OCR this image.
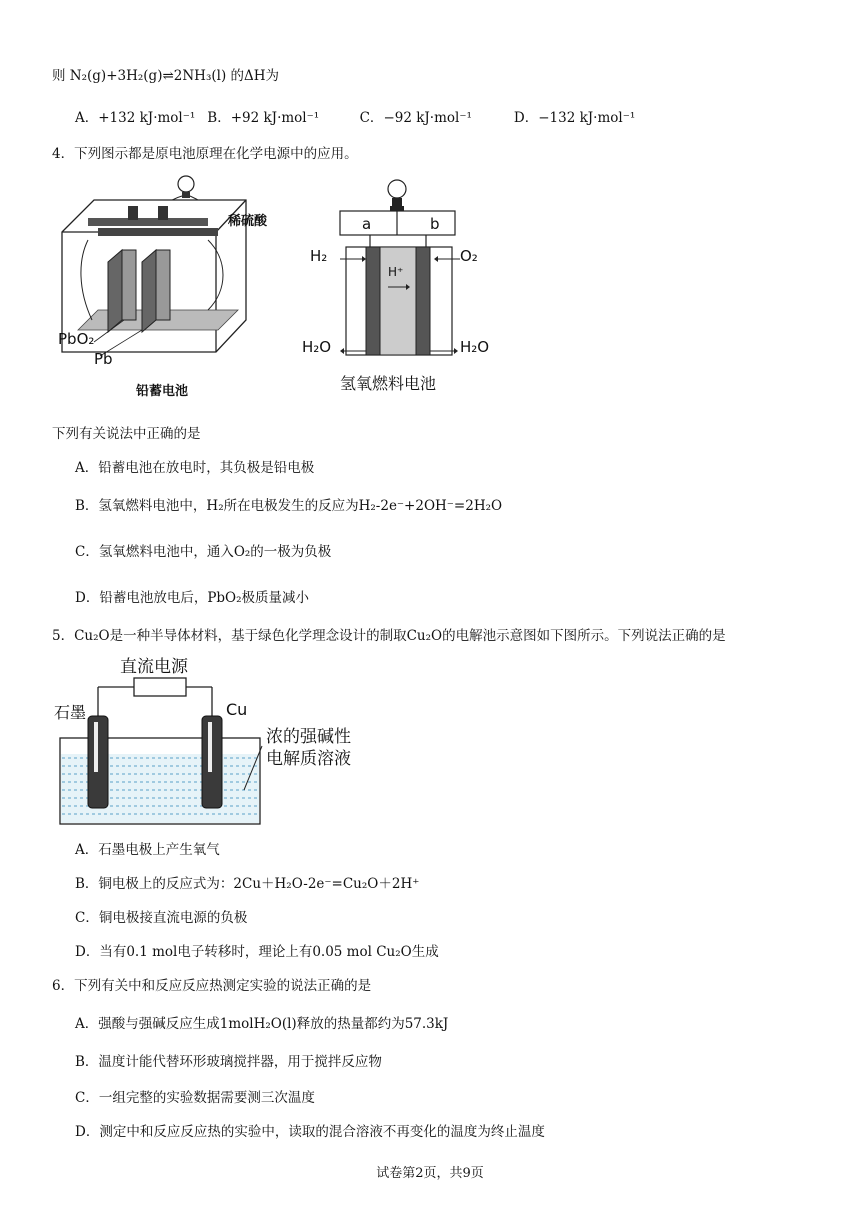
则 N₂(g)+3H₂(g)⇌2NH₃(l) 的ΔH为
A．+132 kJ·mol⁻¹ B．+92 kJ·mol⁻¹	C．−92 kJ·mol⁻¹	D．−132 kJ·mol⁻¹
4．下列图示都是原电池原理在化学电源中的应用。
稀硫酸
PbO₂
Pb
铅蓄电池
a	b
H₂	O₂
H⁺
H₂O	H₂O
氢氧燃料电池
下列有关说法中正确的是
A．铅蓄电池在放电时，其负极是铅电极
B．氢氧燃料电池中，H₂所在电极发生的反应为H₂-2e⁻+2OH⁻=2H₂O
C．氢氧燃料电池中，通入O₂的一极为负极
D．铅蓄电池放电后，PbO₂极质量减小
5．Cu₂O是一种半导体材料，基于绿色化学理念设计的制取Cu₂O的电解池示意图如下图所示。下列说法正确的是
直流电源
石墨	Cu
浓的强碱性
电解质溶液
A．石墨电极上产生氧气
B．铜电极上的反应式为：2Cu＋H₂O-2e⁻=Cu₂O＋2H⁺
C．铜电极接直流电源的负极
D．当有0.1 mol电子转移时，理论上有0.05 mol Cu₂O生成
6．下列有关中和反应反应热测定实验的说法正确的是
A．强酸与强碱反应生成1molH₂O(l)释放的热量都约为57.3kJ
B．温度计能代替环形玻璃搅拌器，用于搅拌反应物
C．一组完整的实验数据需要测三次温度
D．测定中和反应反应热的实验中，读取的混合溶液不再变化的温度为终止温度
试卷第2页，共9页
